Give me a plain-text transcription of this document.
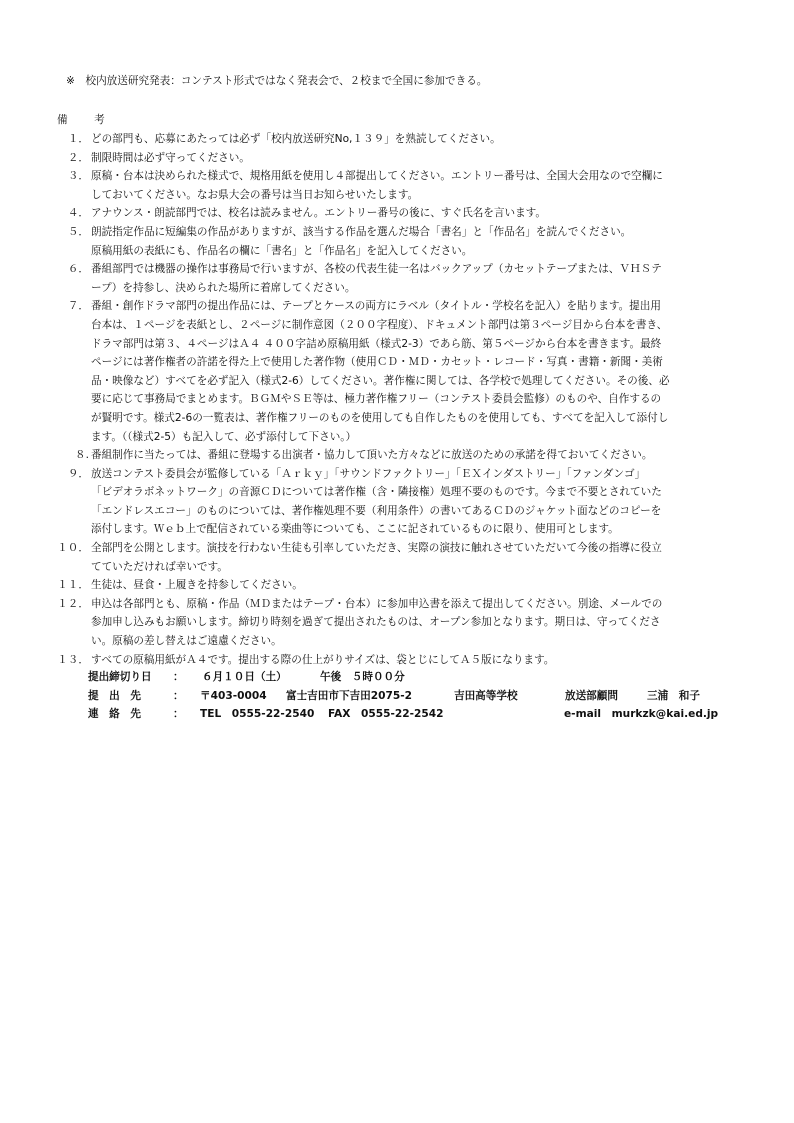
※　校内放送研究発表：コンテスト形式ではなく発表会で、２校まで全国に参加できる。
備　考
１． どの部門も、応募にあたっては必ず「校内放送研究No,１３９」を熟読してください。
２． 制限時間は必ず守ってください。
３． 原稿・台本は決められた様式で、規格用紙を使用し４部提出してください。エントリー番号は、全国大会用なので空欄に
しておいてください。なお県大会の番号は当日お知らせいたします。
４． アナウンス・朗読部門では、校名は読みません。エントリー番号の後に、すぐ氏名を言います。
５． 朗読指定作品に短編集の作品がありますが、該当する作品を選んだ場合「書名」と「作品名」を読んでください。
原稿用紙の表紙にも、作品名の欄に「書名」と「作品名」を記入してください。
６． 番組部門では機器の操作は事務局で行いますが、各校の代表生徒一名はバックアップ（カセットテープまたは、ＶＨＳテ
ープ）を持参し、決められた場所に着席してください。
７． 番組・創作ドラマ部門の提出作品には、テープとケースの両方にラベル（タイトル・学校名を記入）を貼ります。提出用
台本は、１ページを表紙とし、２ページに制作意図（２００字程度）、ドキュメント部門は第３ページ目から台本を書き、
ドラマ部門は第３、４ページはＡ４ ４００字詰め原稿用紙（様式2-3）であら筋、第５ページから台本を書きます。最終
ページには著作権者の許諾を得た上で使用した著作物（使用ＣＤ・ＭＤ・カセット・レコード・写真・書籍・新聞・美術
品・映像など）すべてを必ず記入（様式2-6）してください。著作権に関しては、各学校で処理してください。その後、必
要に応じて事務局でまとめます。ＢＧＭやＳＥ等は、極力著作権フリー（コンテスト委員会監修）のものや、自作するの
が賢明です。様式2-6の一覧表は、著作権フリーのものを使用しても自作したものを使用しても、すべてを記入して添付し
ます。（（様式2-5）も記入して、必ず添付して下さい。）
８. 番組制作に当たっては、番組に登場する出演者・協力して頂いた方々などに放送のための承諾を得ておいてください。
９． 放送コンテスト委員会が監修している「Ａｒｋｙ」「サウンドファクトリー」「ＥＸインダストリー」「ファンダンゴ」
「ビデオラボネットワーク」の音源ＣＤについては著作権（含・隣接権）処理不要のものです。今まで不要とされていた
「エンドレスエコー」のものについては、著作権処理不要（利用条件）の書いてあるＣＤのジャケット面などのコピーを
添付します。Ｗｅｂ上で配信されている楽曲等についても、ここに記されているものに限り、使用可とします。
１０． 全部門を公開とします。演技を行わない生徒も引率していただき、実際の演技に触れさせていただいて今後の指導に役立
てていただければ幸いです。
１１． 生徒は、昼食・上履きを持参してください。
１２． 申込は各部門とも、原稿・作品（ＭＤまたはテープ・台本）に参加申込書を添えて提出してください。別途、メールでの
参加申し込みもお願いします。締切り時刻を過ぎて提出されたものは、オープン参加となります。期日は、守ってくださ
い。原稿の差し替えはご遠慮ください。
１３． すべての原稿用紙がＡ４です。提出する際の仕上がりサイズは、袋とじにしてＡ５版になります。
提出締切り日 ： ６月１０日（土）	午後　５時００分
提　出　先	： 〒403-0004 富士吉田市下吉田2075-2	吉田高等学校	放送部顧問	三浦　和子
連　絡　先	： TEL　0555-22-2540 FAX　0555-22-2542	e-mail　murkzk@kai.ed.jp
